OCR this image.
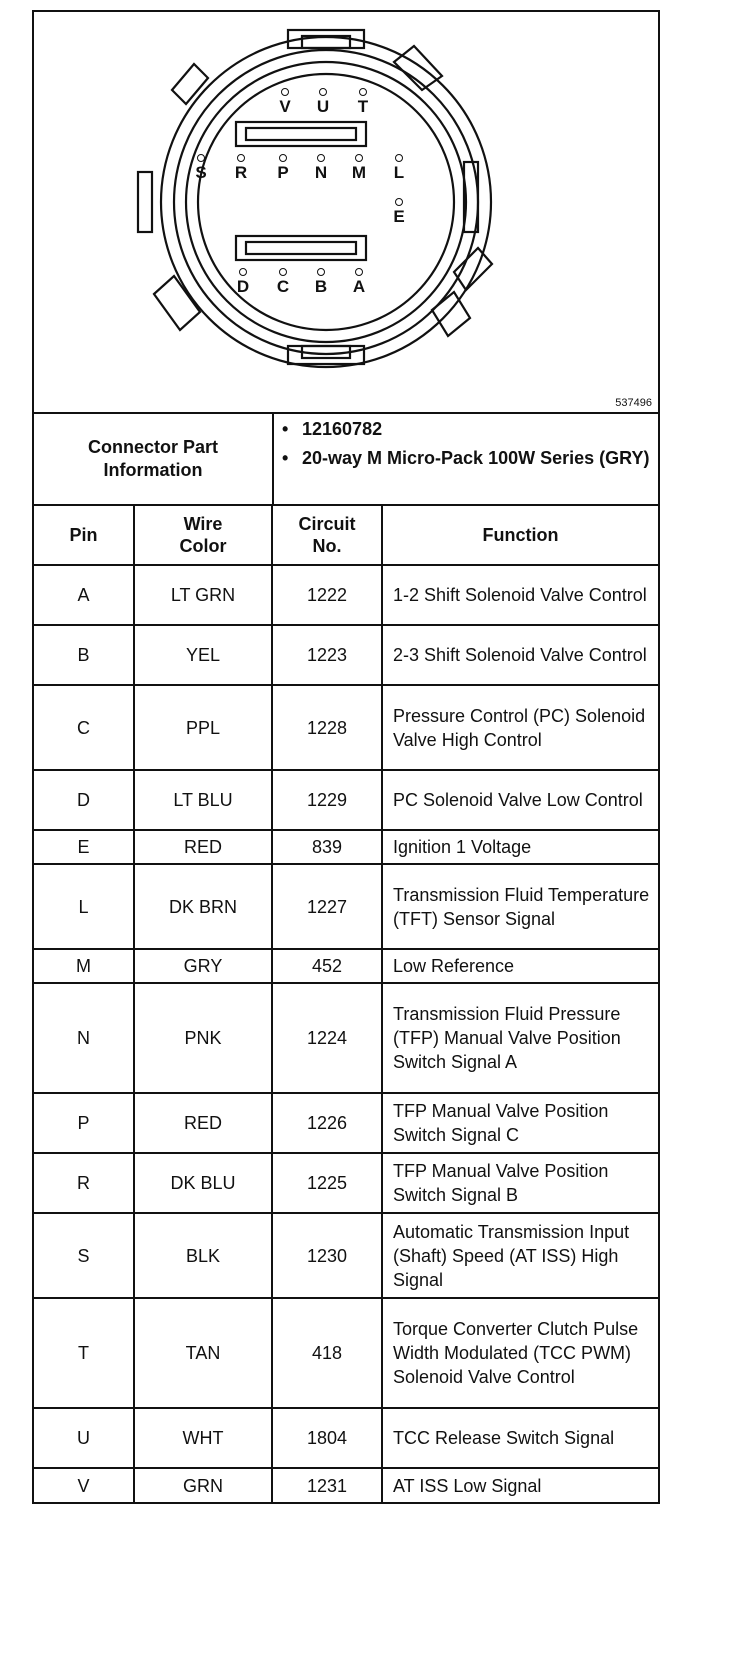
V	U	T
S	R	P	N M	L
E
D C B A
537496
Connector Part Information
• 12160782
• 20-way M Micro-Pack 100W Series (GRY)
Pin	Wire Color	Circuit No.	Function
A	LT GRN	1222	1-2 Shift Solenoid Valve Control
B	YEL	1223	2-3 Shift Solenoid Valve Control
C	PPL	1228	Pressure Control (PC) Solenoid Valve High Control
D	LT BLU	1229	PC Solenoid Valve Low Control
E	RED	839	Ignition 1 Voltage
L	DK BRN	1227	Transmission Fluid Temperature (TFT) Sensor Signal
M	GRY	452	Low Reference
N	PNK	1224	Transmission Fluid Pressure (TFP) Manual Valve Position Switch Signal A
P	RED	1226	TFP Manual Valve Position Switch Signal C
R	DK BLU	1225	TFP Manual Valve Position Switch Signal B
S	BLK	1230	Automatic Transmission Input (Shaft) Speed (AT ISS) High Signal
T	TAN	418	Torque Converter Clutch Pulse Width Modulated (TCC PWM) Solenoid Valve Control
U	WHT	1804	TCC Release Switch Signal
V	GRN	1231	AT ISS Low Signal
